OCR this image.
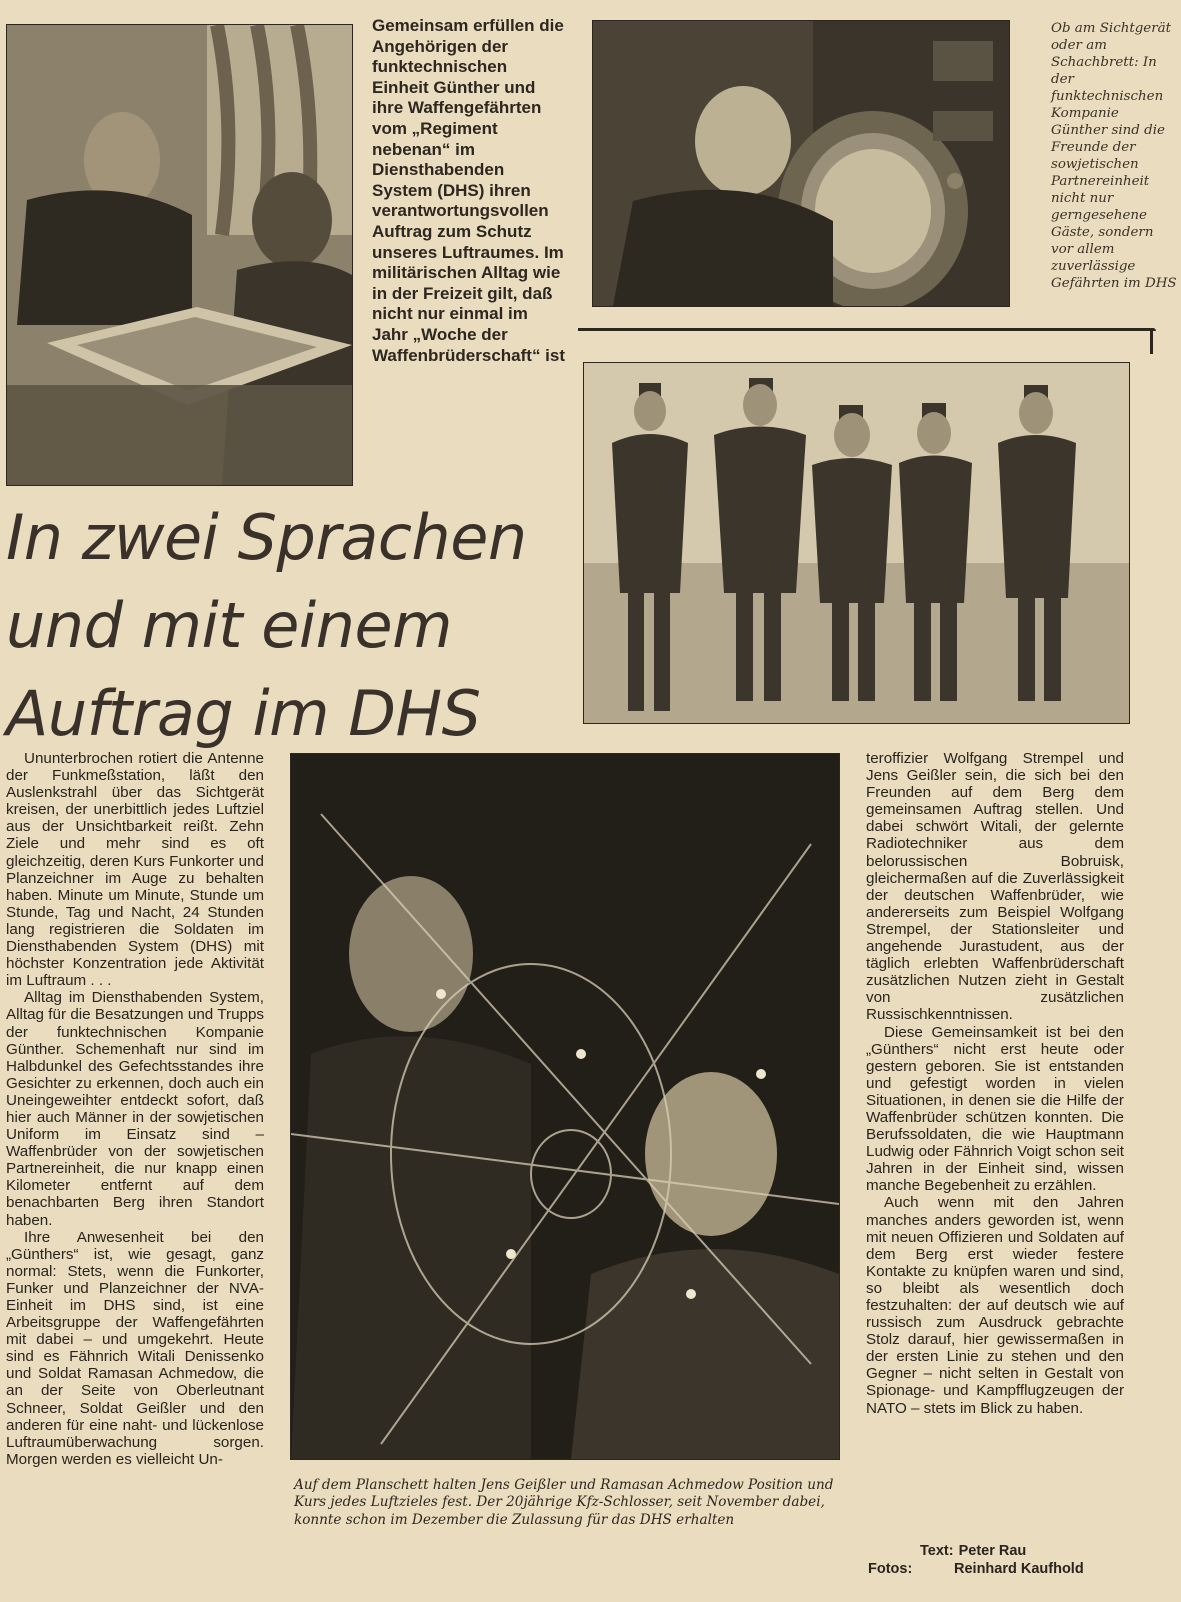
Gemeinsam erfüllen die Angehörigen der funktechnischen Einheit Günther und ihre Waffengefährten vom „Regiment nebenan“ im Diensthabenden System (DHS) ihren verantwortungsvollen Auftrag zum Schutz unseres Luftraumes. Im militärischen Alltag wie in der Freizeit gilt, daß nicht nur einmal im Jahr „Woche der Waffenbrüderschaft“ ist
Ob am Sichtgerät oder am Schachbrett: In der funktechnischen Kompanie Günther sind die Freunde der sowjetischen Partnereinheit nicht nur gerngesehene Gäste, sondern vor allem zuverlässige Gefährten im DHS
In zwei Sprachen
und mit einem
Auftrag im DHS

Ununterbrochen rotiert die Antenne der Funkmeßstation, läßt den Auslenkstrahl über das Sichtgerät kreisen, der unerbittlich jedes Luftziel aus der Unsichtbarkeit reißt. Zehn Ziele und mehr sind es oft gleichzeitig, deren Kurs Funkorter und Planzeichner im Auge zu behalten haben. Minute um Minute, Stunde um Stunde, Tag und Nacht, 24 Stunden lang registrieren die Soldaten im Diensthabenden System (DHS) mit höchster Konzentration jede Aktivität im Luftraum . . .

Alltag im Diensthabenden System, Alltag für die Besatzungen und Trupps der funktechnischen Kompanie Günther. Schemenhaft nur sind im Halbdunkel des Gefechtsstandes ihre Gesichter zu erkennen, doch auch ein Uneingeweihter entdeckt sofort, daß hier auch Männer in der sowjetischen Uniform im Einsatz sind – Waffenbrüder von der sowjetischen Partnereinheit, die nur knapp einen Kilometer entfernt auf dem benachbarten Berg ihren Standort haben.

Ihre Anwesenheit bei den „Günthers“ ist, wie gesagt, ganz normal: Stets, wenn die Funkorter, Funker und Planzeichner der NVA-Einheit im DHS sind, ist eine Arbeitsgruppe der Waffengefährten mit dabei – und umgekehrt. Heute sind es Fähnrich Witali Denissenko und Soldat Ramasan Achmedow, die an der Seite von Oberleutnant Schneer, Soldat Geißler und den anderen für eine naht- und lückenlose Luftraumüberwachung sorgen. Morgen werden es vielleicht Un-

Auf dem Planschett halten Jens Geißler und Ramasan Achmedow Position und Kurs jedes Luftzieles fest. Der 20jährige Kfz-Schlosser, seit November dabei, konnte schon im Dezember die Zulassung für das DHS erhalten

teroffizier Wolfgang Strempel und Jens Geißler sein, die sich bei den Freunden auf dem Berg dem gemeinsamen Auftrag stellen. Und dabei schwört Witali, der gelernte Radiotechniker aus dem belorussischen Bobruisk, gleichermaßen auf die Zuverlässigkeit der deutschen Waffenbrüder, wie andererseits zum Beispiel Wolfgang Strempel, der Stationsleiter und angehende Jurastudent, aus der täglich erlebten Waffenbrüderschaft zusätzlichen Nutzen zieht in Gestalt von zusätzlichen Russischkenntnissen.

Diese Gemeinsamkeit ist bei den „Günthers“ nicht erst heute oder gestern geboren. Sie ist entstanden und gefestigt worden in vielen Situationen, in denen sie die Hilfe der Waffenbrüder schützen konnten. Die Berufssoldaten, die wie Hauptmann Ludwig oder Fähnrich Voigt schon seit Jahren in der Einheit sind, wissen manche Begebenheit zu erzählen.

Auch wenn mit den Jahren manches anders geworden ist, wenn mit neuen Offizieren und Soldaten auf dem Berg erst wieder festere Kontakte zu knüpfen waren und sind, so bleibt als wesentlich doch festzuhalten: der auf deutsch wie auf russisch zum Ausdruck gebrachte Stolz darauf, hier gewissermaßen in der ersten Linie zu stehen und den Gegner – nicht selten in Gestalt von Spionage- und Kampfflugzeugen der NATO – stets im Blick zu haben.

Text: Peter Rau
Fotos:	Reinhard Kaufhold
